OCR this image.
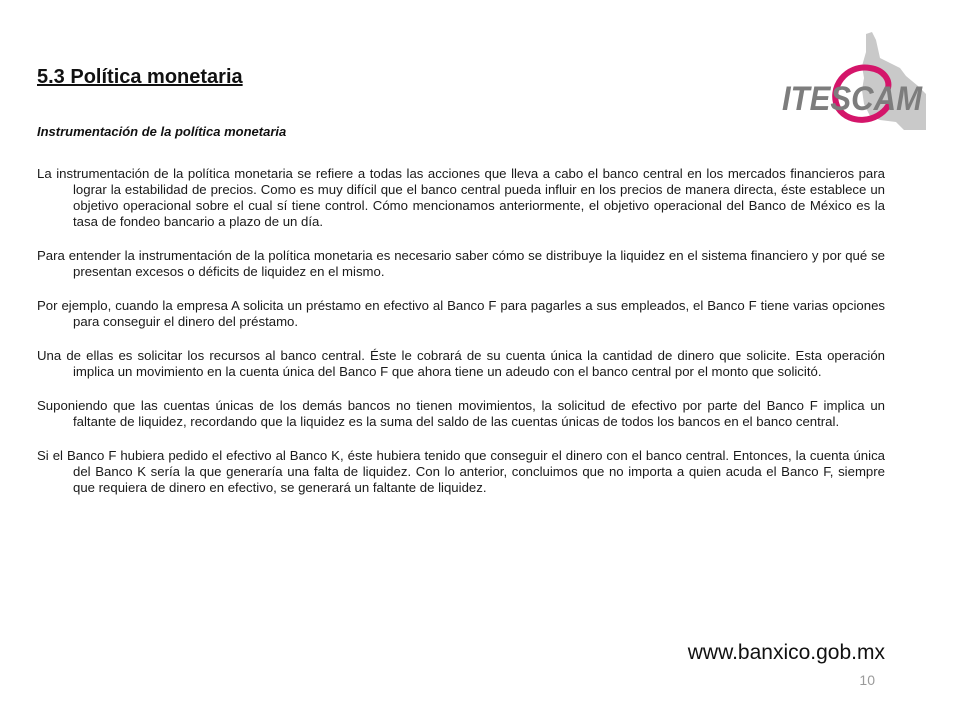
5.3 Política monetaria

Instrumentación de la política monetaria

La instrumentación de la política monetaria se refiere a todas las acciones que lleva a cabo el banco central en los mercados financieros para lograr la estabilidad de precios. Como es muy difícil que el banco central pueda influir en los precios de manera directa, éste establece un objetivo operacional sobre el cual sí tiene control. Cómo mencionamos anteriormente, el objetivo operacional del Banco de México es la tasa de fondeo bancario a plazo de un día.

Para entender la instrumentación de la política monetaria es necesario saber cómo se distribuye la liquidez en el sistema financiero y por qué se presentan excesos o déficits de liquidez en el mismo.

Por ejemplo, cuando la empresa A solicita un préstamo en efectivo al Banco F para pagarles a sus empleados, el Banco F tiene varias opciones para conseguir el dinero del préstamo.

Una de ellas es solicitar los recursos al banco central. Éste le cobrará de su cuenta única la cantidad de dinero que solicite. Esta operación implica un movimiento en la cuenta única del Banco F que ahora tiene un adeudo con el banco central por el monto que solicitó.

Suponiendo que las cuentas únicas de los demás bancos no tienen movimientos, la solicitud de efectivo por parte del Banco F implica un faltante de liquidez, recordando que la liquidez es la suma del saldo de las cuentas únicas de todos los bancos en el banco central.

Si el Banco F hubiera pedido el efectivo al Banco K, éste hubiera tenido que conseguir el dinero con el banco central. Entonces, la cuenta única del Banco K sería la que generaría una falta de liquidez. Con lo anterior, concluimos que no importa a quien acuda el Banco F, siempre que requiera de dinero en efectivo, se generará un faltante de liquidez.

ITESCAM

www.banxico.gob.mx

10
